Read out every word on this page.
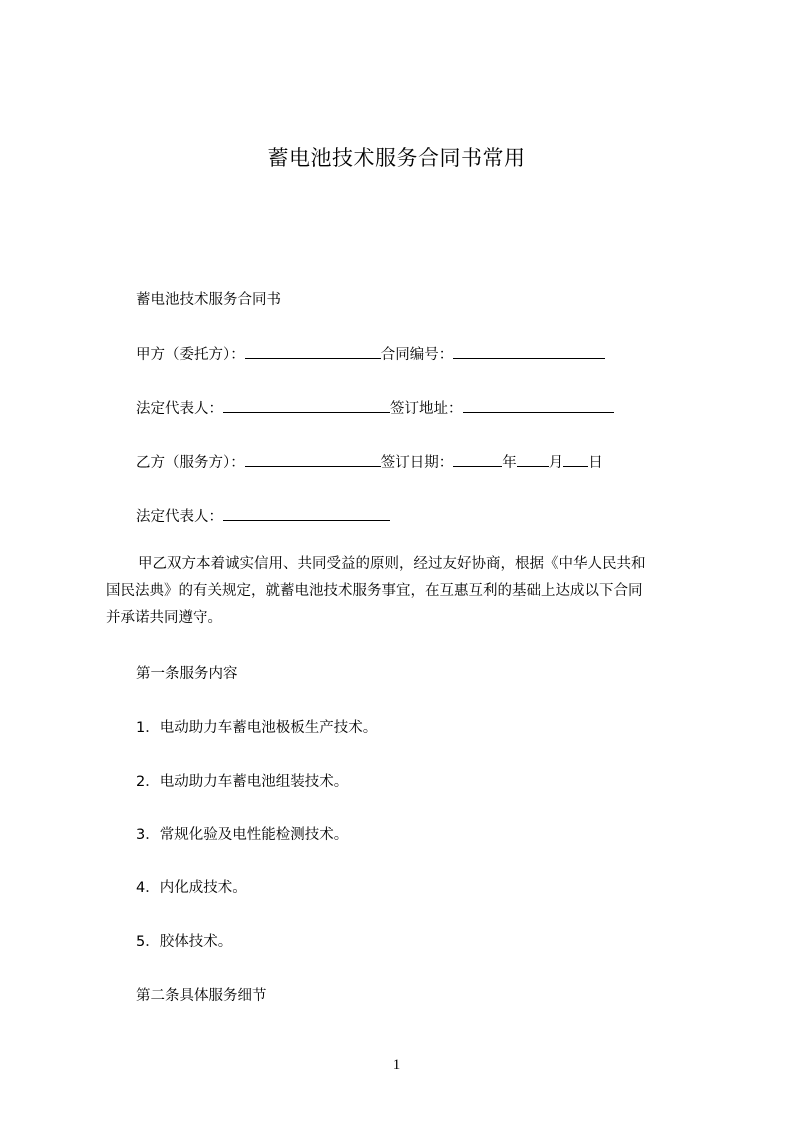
蓄电池技术服务合同书常用
蓄电池技术服务合同书
甲方（委托方）：	合同编号：
法定代表人：	签订地址：
乙方（服务方）：	签订日期：	年 月 日
法定代表人：
甲乙双方本着诚实信用、共同受益的原则，经过友好协商，根据《中华人民共和
国民法典》的有关规定，就蓄电池技术服务事宜，在互惠互利的基础上达成以下合同
并承诺共同遵守。
第一条服务内容
1．电动助力车蓄电池极板生产技术。
2．电动助力车蓄电池组装技术。
3．常规化验及电性能检测技术。
4．内化成技术。
5．胶体技术。
第二条具体服务细节
1
